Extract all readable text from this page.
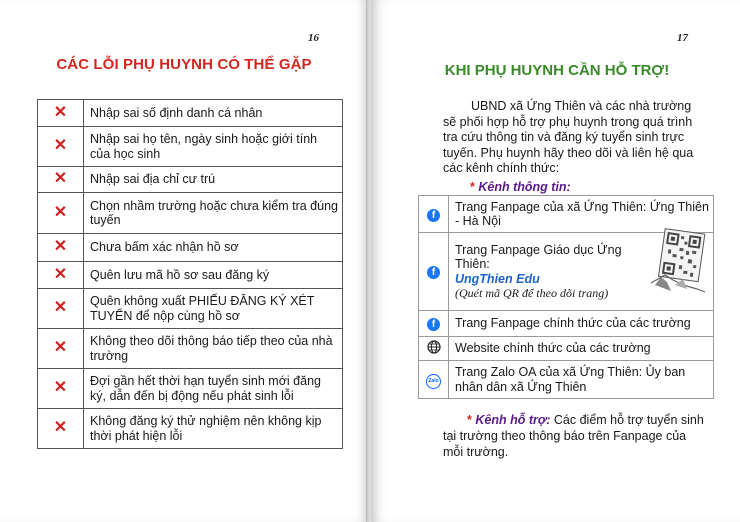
16
CÁC LỖI PHỤ HUYNH CÓ THỂ GẶP
✕	Nhập sai số định danh cá nhân
✕	Nhập sai họ tên, ngày sinh hoặc giới tính của học sinh
✕	Nhập sai địa chỉ cư trú
✕	Chọn nhầm trường hoặc chưa kiểm tra đúng tuyến
✕	Chưa bấm xác nhận hồ sơ
✕	Quên lưu mã hồ sơ sau đăng ký
✕	Quên không xuất PHIẾU ĐĂNG KÝ XÉT TUYỂN để nộp cùng hồ sơ
✕	Không theo dõi thông báo tiếp theo của nhà trường
✕	Đợi gần hết thời hạn tuyển sinh mới đăng ký, dẫn đến bị động nếu phát sinh lỗi
✕	Không đăng ký thử nghiệm nên không kịp thời phát hiện lỗi
17
KHI PHỤ HUYNH CẦN HỖ TRỢ!
UBND xã Ứng Thiên và các nhà trường sẽ phối hợp hỗ trợ phụ huynh trong quá trình tra cứu thông tin và đăng ký tuyển sinh trực tuyến. Phụ huynh hãy theo dõi và liên hệ qua các kênh chính thức:
* Kênh thông tin:
f	Trang Fanpage của xã Ứng Thiên: Ứng Thiên - Hà Nội
f	Trang Fanpage Giáo dục Ứng Thiên:
UngThien Edu
(Quét mã QR để theo dõi trang)

f	Trang Fanpage chính thức của các trường
	Website chính thức của các trường
Zalo	Trang Zalo OA của xã Ứng Thiên: Ủy ban nhân dân xã Ứng Thiên
* Kênh hỗ trợ: Các điểm hỗ trợ tuyển sinh tại trường theo thông báo trên Fanpage của mỗi trường.
